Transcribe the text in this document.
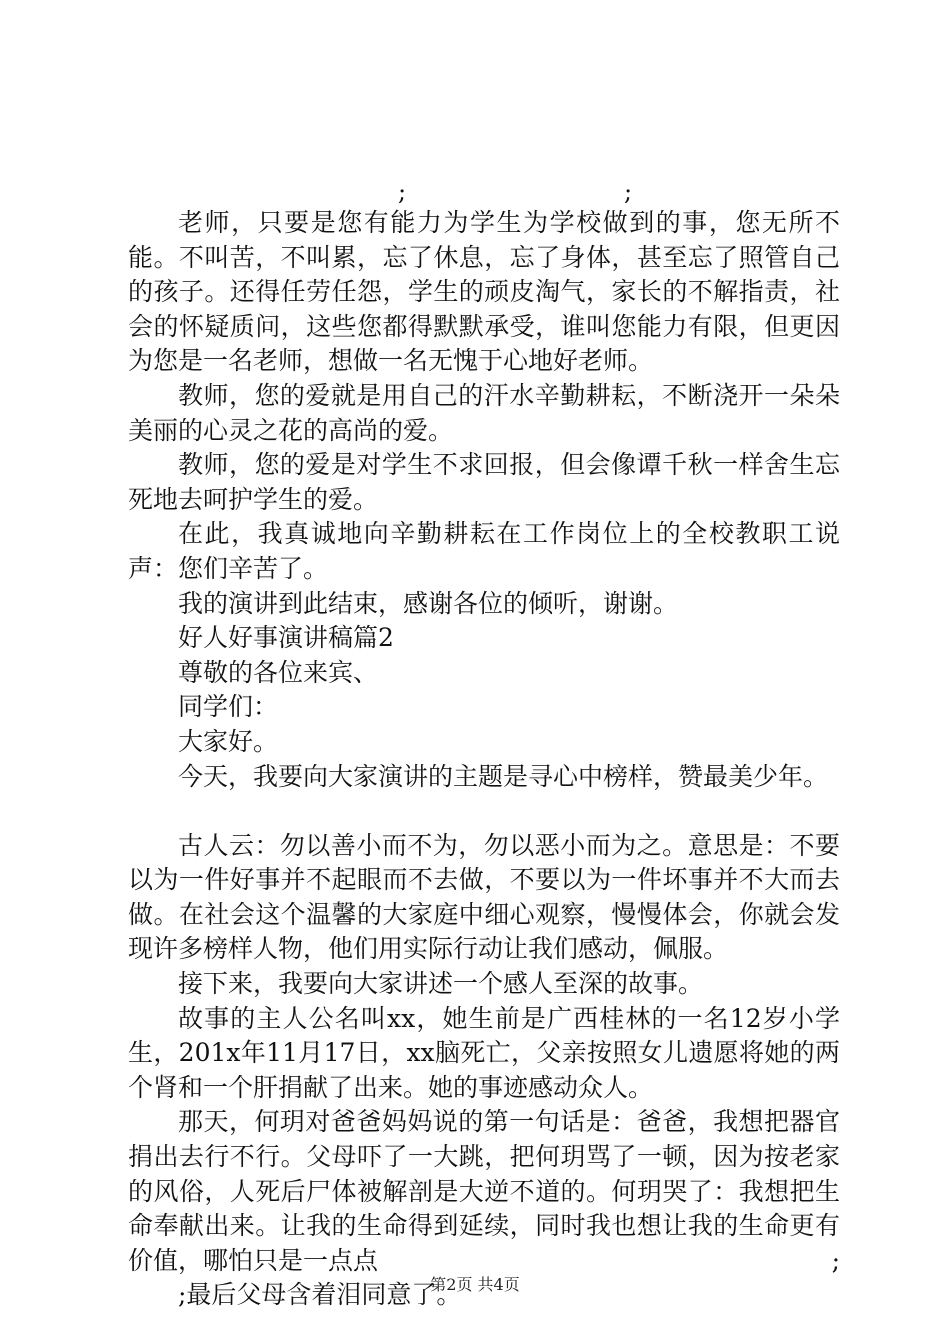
;	;

老师，只要是您有能力为学生为学校做到的事，您无所不能。不叫苦，不叫累，忘了休息，忘了身体，甚至忘了照管自己的孩子。还得任劳任怨，学生的顽皮淘气，家长的不解指责，社会的怀疑质问，这些您都得默默承受，谁叫您能力有限，但更因为您是一名老师，想做一名无愧于心地好老师。

教师，您的爱就是用自己的汗水辛勤耕耘，不断浇开一朵朵美丽的心灵之花的高尚的爱。

教师，您的爱是对学生不求回报，但会像谭千秋一样舍生忘死地去呵护学生的爱。

在此，我真诚地向辛勤耕耘在工作岗位上的全校教职工说声：您们辛苦了。

我的演讲到此结束，感谢各位的倾听，谢谢。

好人好事演讲稿篇2

尊敬的各位来宾、

同学们：

大家好。

今天，我要向大家演讲的主题是寻心中榜样，赞最美少年。

古人云：勿以善小而不为，勿以恶小而为之。意思是：不要以为一件好事并不起眼而不去做，不要以为一件坏事并不大而去做。在社会这个温馨的大家庭中细心观察，慢慢体会，你就会发现许多榜样人物，他们用实际行动让我们感动，佩服。

接下来，我要向大家讲述一个感人至深的故事。

故事的主人公名叫xx，她生前是广西桂林的一名12岁小学生，201x年11月17日，xx脑死亡，父亲按照女儿遗愿将她的两个肾和一个肝捐献了出来。她的事迹感动众人。

那天，何玥对爸爸妈妈说的第一句话是：爸爸，我想把器官捐出去行不行。父母吓了一大跳，把何玥骂了一顿，因为按老家的风俗，人死后尸体被解剖是大逆不道的。何玥哭了：我想把生命奉献出来。让我的生命得到延续，同时我也想让我的生命更有价值，哪怕只是一点点	;

;最后父母含着泪同意了。

第2页 共4页
